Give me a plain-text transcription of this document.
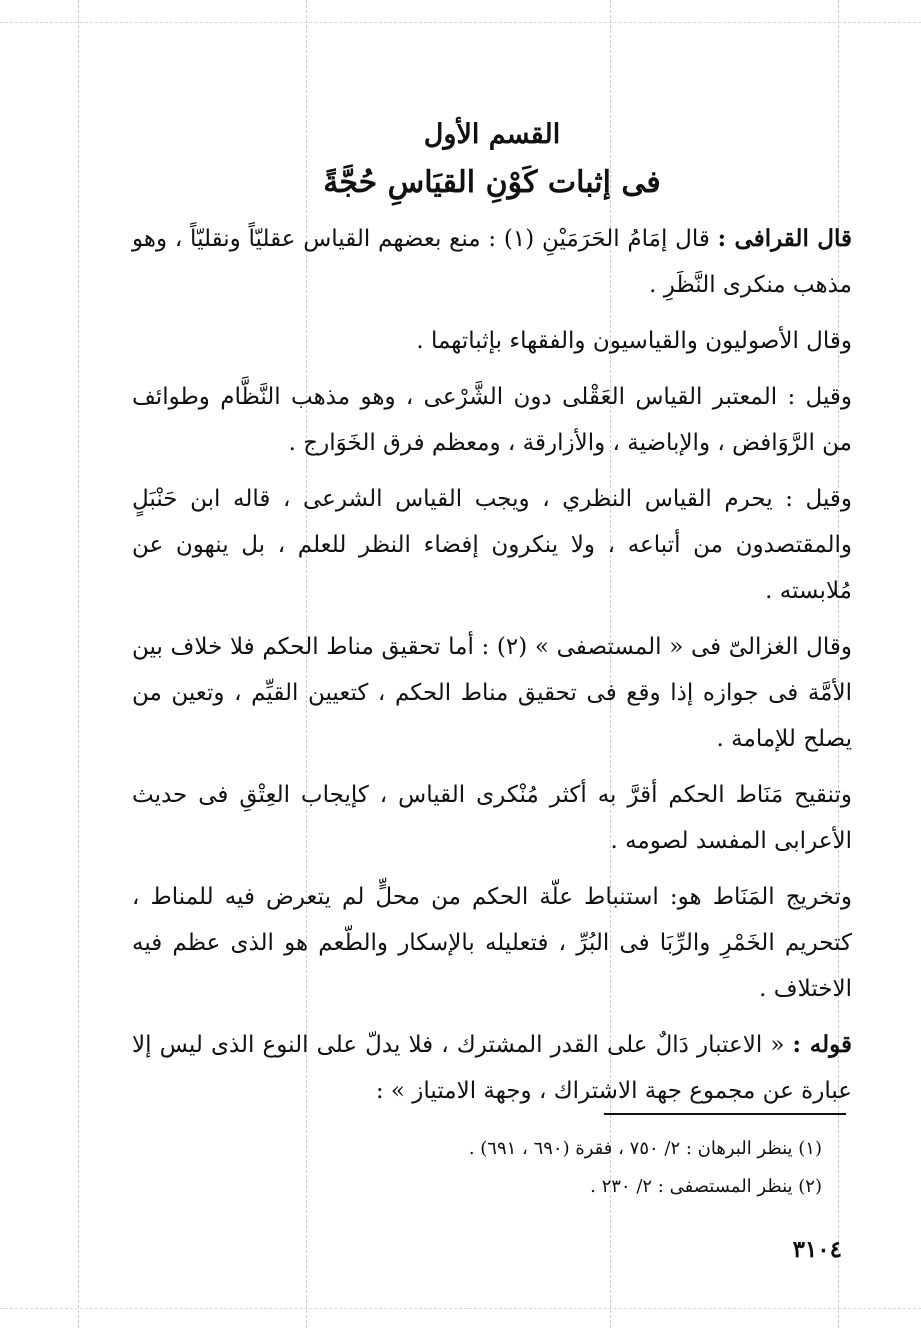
القسم الأول
فى إثبات كَوْنِ القيَاسِ حُجَّةً

قال القرافى : قال إمَامُ الحَرَمَيْنِ (١) : منع بعضهم القياس عقليّاً ونقليّاً ، وهو مذهب منكرى النَّظَرِ .

وقال الأصوليون والقياسيون والفقهاء بإثباتهما .

وقيل : المعتبر القياس العَقْلى دون الشَّرْعى ، وهو مذهب النَّظَّام وطوائف من الرَّوَافض ، والإباضية ، والأزارقة ، ومعظم فرق الخَوَارج .

وقيل : يحرم القياس النظري ، ويجب القياس الشرعى ، قاله ابن حَنْبَلٍ والمقتصدون من أتباعه ، ولا ينكرون إفضاء النظر للعلم ، بل ينهون عن مُلابسته .

وقال الغزالىّ فى « المستصفى » (٢) : أما تحقيق مناط الحكم فلا خلاف بين الأمَّة فى جوازه إذا وقع فى تحقيق مناط الحكم ، كتعيين القيِّم ، وتعين من يصلح للإمامة .

وتنقيح مَنَاط الحكم أقرَّ به أكثر مُنْكرى القياس ، كإيجاب العِتْقِ فى حديث الأعرابى المفسد لصومه .

وتخريج المَنَاط هو: استنباط علّة الحكم من محلٍّ لم يتعرض فيه للمناط ، كتحريم الخَمْرِ والرِّبَا فى البُرِّ ، فتعليله بالإسكار والطّعم هو الذى عظم فيه الاختلاف .

قوله : « الاعتبار دَالٌ على القدر المشترك ، فلا يدلّ على النوع الذى ليس إلا عبارة عن مجموع جهة الاشتراك ، وجهة الامتياز » :

(١) ينظر البرهان : ٢/ ٧٥٠ ، فقرة (٦٩٠ ، ٦٩١) .

(٢) ينظر المستصفى : ٢/ ٢٣٠ .

٣١٠٤
